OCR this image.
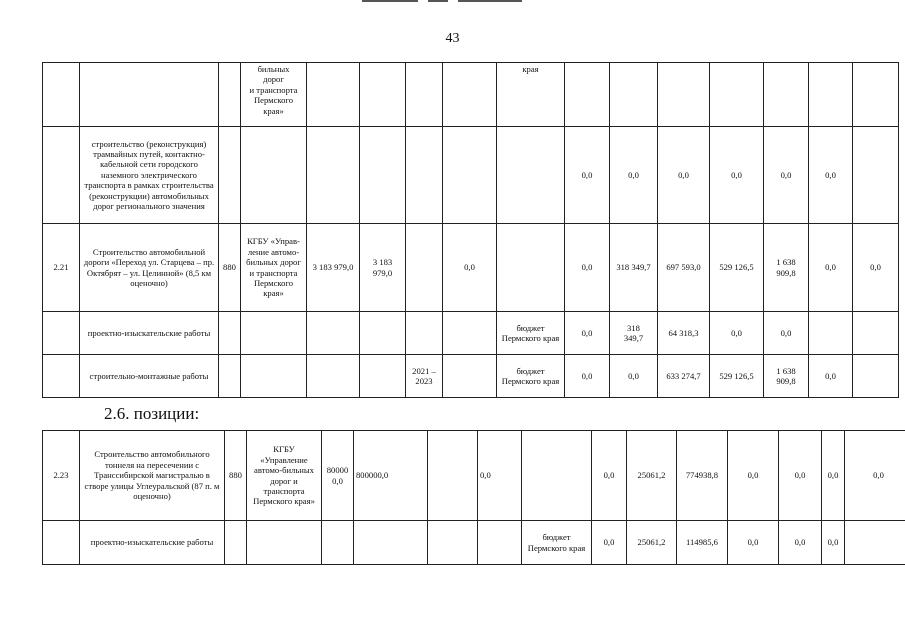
43
			бильных
дорог
и транспорта
Пермского
края»					края							
	строительство (реконструкция) трамвайных путей, контактно-кабельной сети городского наземного электрического транспорта в рамках строительства (реконструкции) автомобильных дорог регионального значения								0,0	0,0	0,0	0,0	0,0	0,0	
2.21	Строительство автомобильной дороги «Переход ул. Старцева – пр. Октябрят – ул. Целинной» (8,5 км оценочно)	880	КГБУ «Управ-ление автомо-бильных дорог и транспорта Пермского края»	3 183 979,0	3 183
979,0		0,0		0,0	318 349,7	697 593,0	529 126,5	1 638
909,8	0,0	0,0
	проектно-изыскательские работы							бюджет Пермского края	0,0	318
349,7	64 318,3	0,0	0,0		
	строительно-монтажные работы					2021 –
2023		бюджет Пермского края	0,0	0,0	633 274,7	529 126,5	1 638
909,8	0,0	
2.6. позиции:
2.23	Строительство автомобильного тоннеля на пересечении с Транссибирской магистралью в створе улицы Углеуральской (87 п. м оценочно)	880	КГБУ «Управление автомо-бильных дорог и транспорта Пермского края»	80000
0,0	800000,0		0,0		0,0	25061,2	774938,8	0,0	0,0	0,0	0,0
	проектно-изыскательские работы							бюджет Пермского края	0,0	25061,2	114985,6	0,0	0,0	0,0	
